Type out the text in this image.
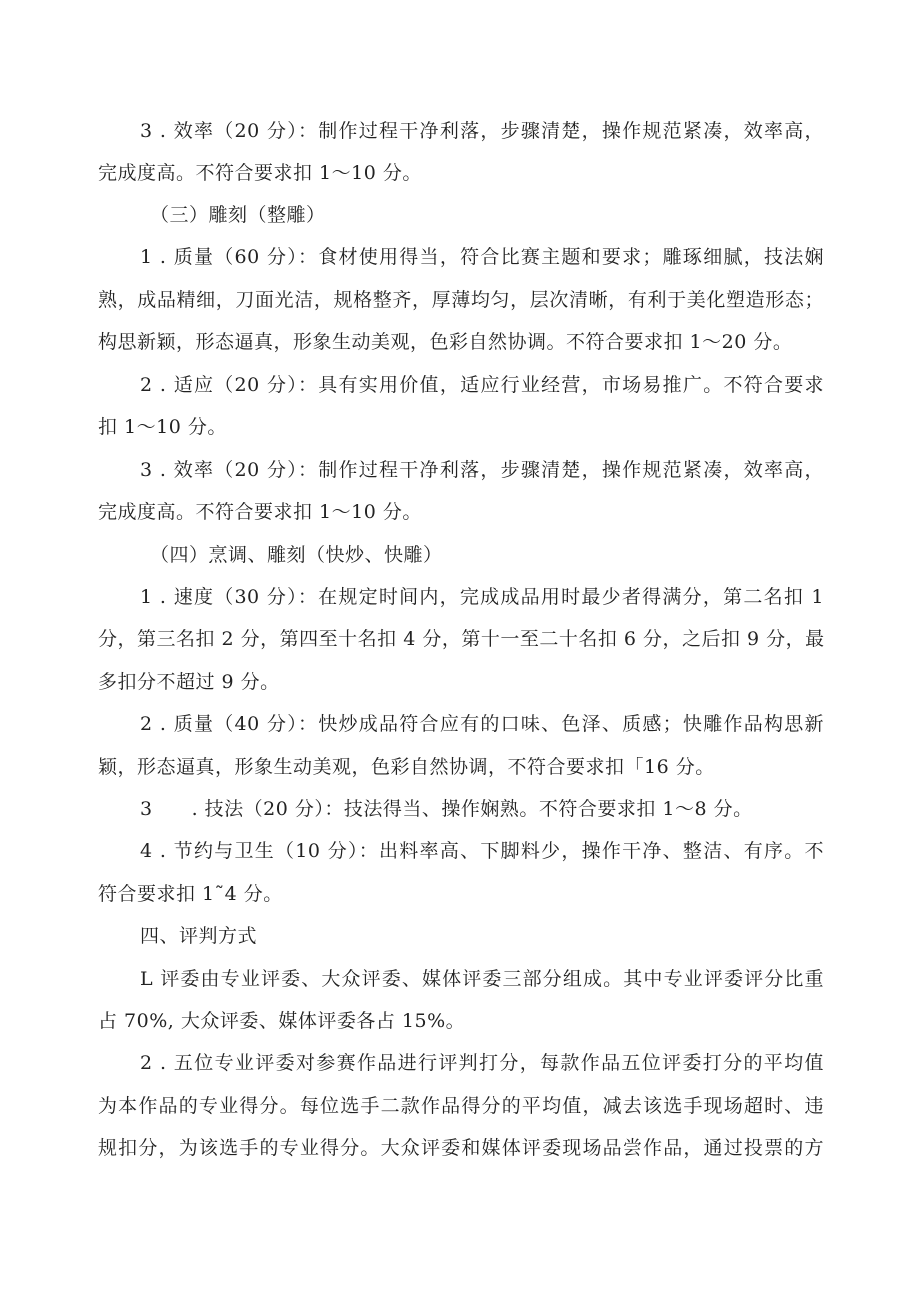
3 . 效率（20 分）：制作过程干净利落，步骤清楚，操作规范紧凑，效率高，
完成度高。不符合要求扣 1～10 分。
（三）雕刻（整雕）
1 . 质量（60 分）：食材使用得当，符合比赛主题和要求；雕琢细腻，技法娴
熟，成品精细，刀面光洁，规格整齐，厚薄均匀，层次清晰，有利于美化塑造形态；
构思新颖，形态逼真，形象生动美观，色彩自然协调。不符合要求扣 1～20 分。
2 . 适应（20 分）：具有实用价值，适应行业经营，市场易推广。不符合要求
扣 1～10 分。
3 . 效率（20 分）：制作过程干净利落，步骤清楚，操作规范紧凑，效率高，
完成度高。不符合要求扣 1～10 分。
（四）烹调、雕刻（快炒、快雕）
1 . 速度（30 分）：在规定时间内，完成成品用时最少者得满分，第二名扣 1
分，第三名扣 2 分，第四至十名扣 4 分，第十一至二十名扣 6 分，之后扣 9 分，最
多扣分不超过 9 分。
2 . 质量（40 分）：快炒成品符合应有的口味、色泽、质感；快雕作品构思新
颖，形态逼真，形象生动美观，色彩自然协调，不符合要求扣「16 分。
3　　. 技法（20 分）：技法得当、操作娴熟。不符合要求扣 1～8 分。
4 . 节约与卫生（10 分）：出料率高、下脚料少，操作干净、整洁、有序。不
符合要求扣 1˜4 分。
四、评判方式
L 评委由专业评委、大众评委、媒体评委三部分组成。其中专业评委评分比重
占 70%, 大众评委、媒体评委各占 15%。
2 . 五位专业评委对参赛作品进行评判打分，每款作品五位评委打分的平均值
为本作品的专业得分。每位选手二款作品得分的平均值，减去该选手现场超时、违
规扣分，为该选手的专业得分。大众评委和媒体评委现场品尝作品，通过投票的方
